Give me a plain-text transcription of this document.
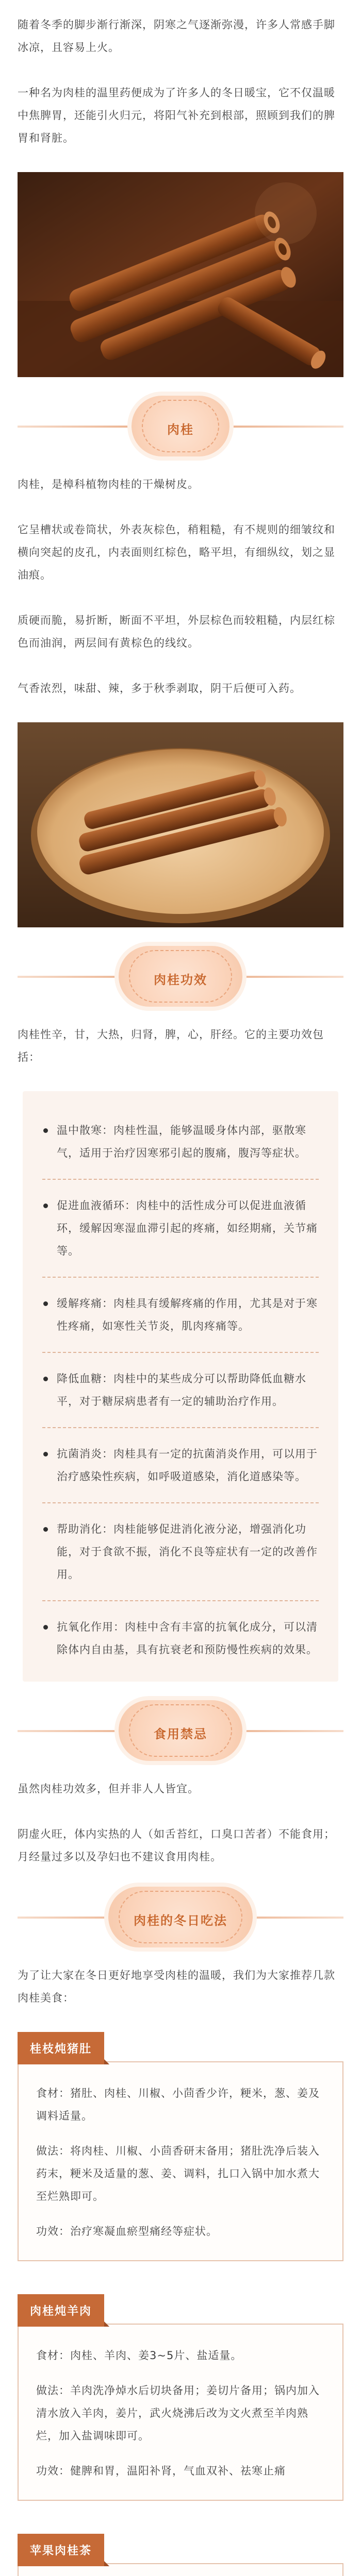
随着冬季的脚步渐行渐深，阴寒之气逐渐弥漫，许多人常感手脚冰凉，且容易上火。

一种名为肉桂的温里药便成为了许多人的冬日暖宝，它不仅温暖中焦脾胃，还能引火归元，将阳气补充到根部，照顾到我们的脾胃和肾脏。

肉桂

肉桂，是樟科植物肉桂的干燥树皮。

它呈槽状或卷筒状，外表灰棕色，稍粗糙，有不规则的细皱纹和横向突起的皮孔，内表面则红棕色，略平坦，有细纵纹，划之显油痕。

质硬而脆，易折断，断面不平坦，外层棕色而较粗糙，内层红棕色而油润，两层间有黄棕色的线纹。

气香浓烈，味甜、辣，多于秋季剥取，阴干后便可入药。

肉桂功效

肉桂性辛，甘，大热，归肾，脾，心，肝经。它的主要功效包括：

温中散寒：肉桂性温，能够温暖身体内部，驱散寒气，适用于治疗因寒邪引起的腹痛，腹泻等症状。
促进血液循环：肉桂中的活性成分可以促进血液循环，缓解因寒湿血滞引起的疼痛，如经期痛，关节痛等。
缓解疼痛：肉桂具有缓解疼痛的作用，尤其是对于寒性疼痛，如寒性关节炎，肌肉疼痛等。
降低血糖：肉桂中的某些成分可以帮助降低血糖水平，对于糖尿病患者有一定的辅助治疗作用。
抗菌消炎：肉桂具有一定的抗菌消炎作用，可以用于治疗感染性疾病，如呼吸道感染，消化道感染等。
帮助消化：肉桂能够促进消化液分泌，增强消化功能，对于食欲不振，消化不良等症状有一定的改善作用。
抗氧化作用：肉桂中含有丰富的抗氧化成分，可以清除体内自由基，具有抗衰老和预防慢性疾病的效果。
食用禁忌

虽然肉桂功效多，但并非人人皆宜。

阴虚火旺，体内实热的人（如舌苔红，口臭口苦者）不能食用；月经量过多以及孕妇也不建议食用肉桂。

肉桂的冬日吃法

为了让大家在冬日更好地享受肉桂的温暖，我们为大家推荐几款肉桂美食：

桂枝炖猪肚
食材：猪肚、肉桂、川椒、小茴香少许，粳米，葱、姜及调料适量。
做法：将肉桂、川椒、小茴香研末备用；猪肚洗净后装入药末，粳米及适量的葱、姜、调料，扎口入锅中加水煮大至烂熟即可。
功效：治疗寒凝血瘀型痛经等症状。
肉桂炖羊肉
食材：肉桂、羊肉、姜3~5片、盐适量。
做法：羊肉洗净焯水后切块备用；姜切片备用；锅内加入清水放入羊肉，姜片，武火烧沸后改为文火煮至羊肉熟烂，加入盐调味即可。
功效：健脾和胃，温阳补肾，气血双补、祛寒止痛
苹果肉桂茶
